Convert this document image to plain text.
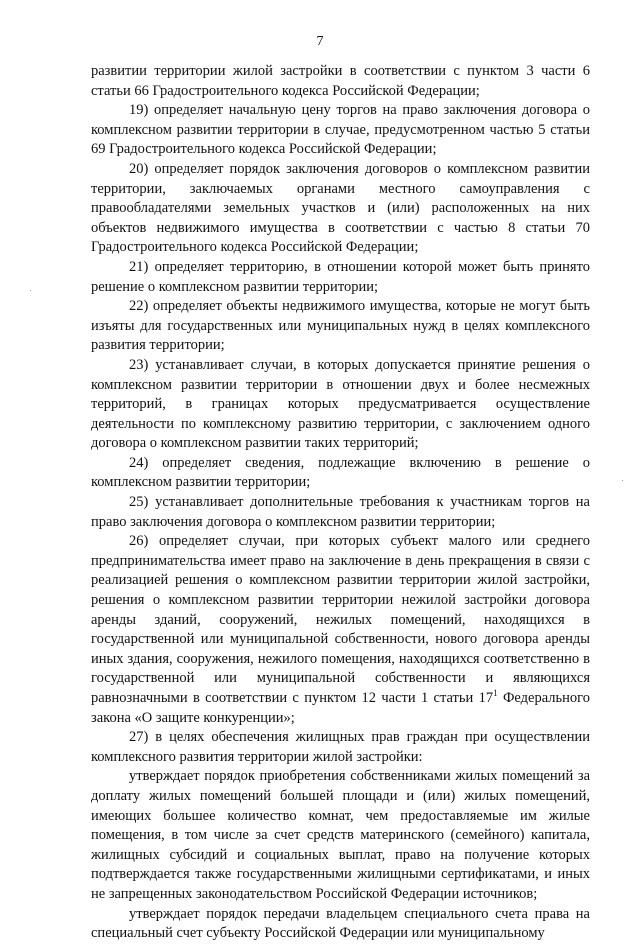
7

развитии территории жилой застройки в соответствии с пунктом 3 части 6 статьи 66 Градостроительного кодекса Российской Федерации;

19) определяет начальную цену торгов на право заключения договора о комплексном развитии территории в случае, предусмотренном частью 5 статьи 69 Градостроительного кодекса Российской Федерации;

20) определяет порядок заключения договоров о комплексном развитии территории, заключаемых органами местного самоуправления с правообладателями земельных участков и (или) расположенных на них объектов недвижимого имущества в соответствии с частью 8 статьи 70 Градостроительного кодекса Российской Федерации;

21) определяет территорию, в отношении которой может быть принято решение о комплексном развитии территории;

22) определяет объекты недвижимого имущества, которые не могут быть изъяты для государственных или муниципальных нужд в целях комплексного развития территории;

23) устанавливает случаи, в которых допускается принятие решения о комплексном развитии территории в отношении двух и более несмежных территорий, в границах которых предусматривается осуществление деятельности по комплексному развитию территории, с заключением одного договора о комплексном развитии таких территорий;

24) определяет сведения, подлежащие включению в решение о комплексном развитии территории;

25) устанавливает дополнительные требования к участникам торгов на право заключения договора о комплексном развитии территории;

26) определяет случаи, при которых субъект малого или среднего предпринимательства имеет право на заключение в день прекращения в связи с реализацией решения о комплексном развитии территории жилой застройки, решения о комплексном развитии территории нежилой застройки договора аренды зданий, сооружений, нежилых помещений, находящихся в государственной или муниципальной собственности, нового договора аренды иных здания, сооружения, нежилого помещения, находящихся соответственно в государственной или муниципальной собственности и являющихся равнозначными в соответствии с пунктом 12 части 1 статьи $17^1$ Федерального закона «О защите конкуренции»;

27) в целях обеспечения жилищных прав граждан при осуществлении комплексного развития территории жилой застройки:

утверждает порядок приобретения собственниками жилых помещений за доплату жилых помещений большей площади и (или) жилых помещений, имеющих большее количество комнат, чем предоставляемые им жилые помещения, в том числе за счет средств материнского (семейного) капитала, жилищных субсидий и социальных выплат, право на получение которых подтверждается также государственными жилищными сертификатами, и иных не запрещенных законодательством Российской Федерации источников;

утверждает порядок передачи владельцем специального счета права на специальный счет субъекту Российской Федерации или муниципальному
